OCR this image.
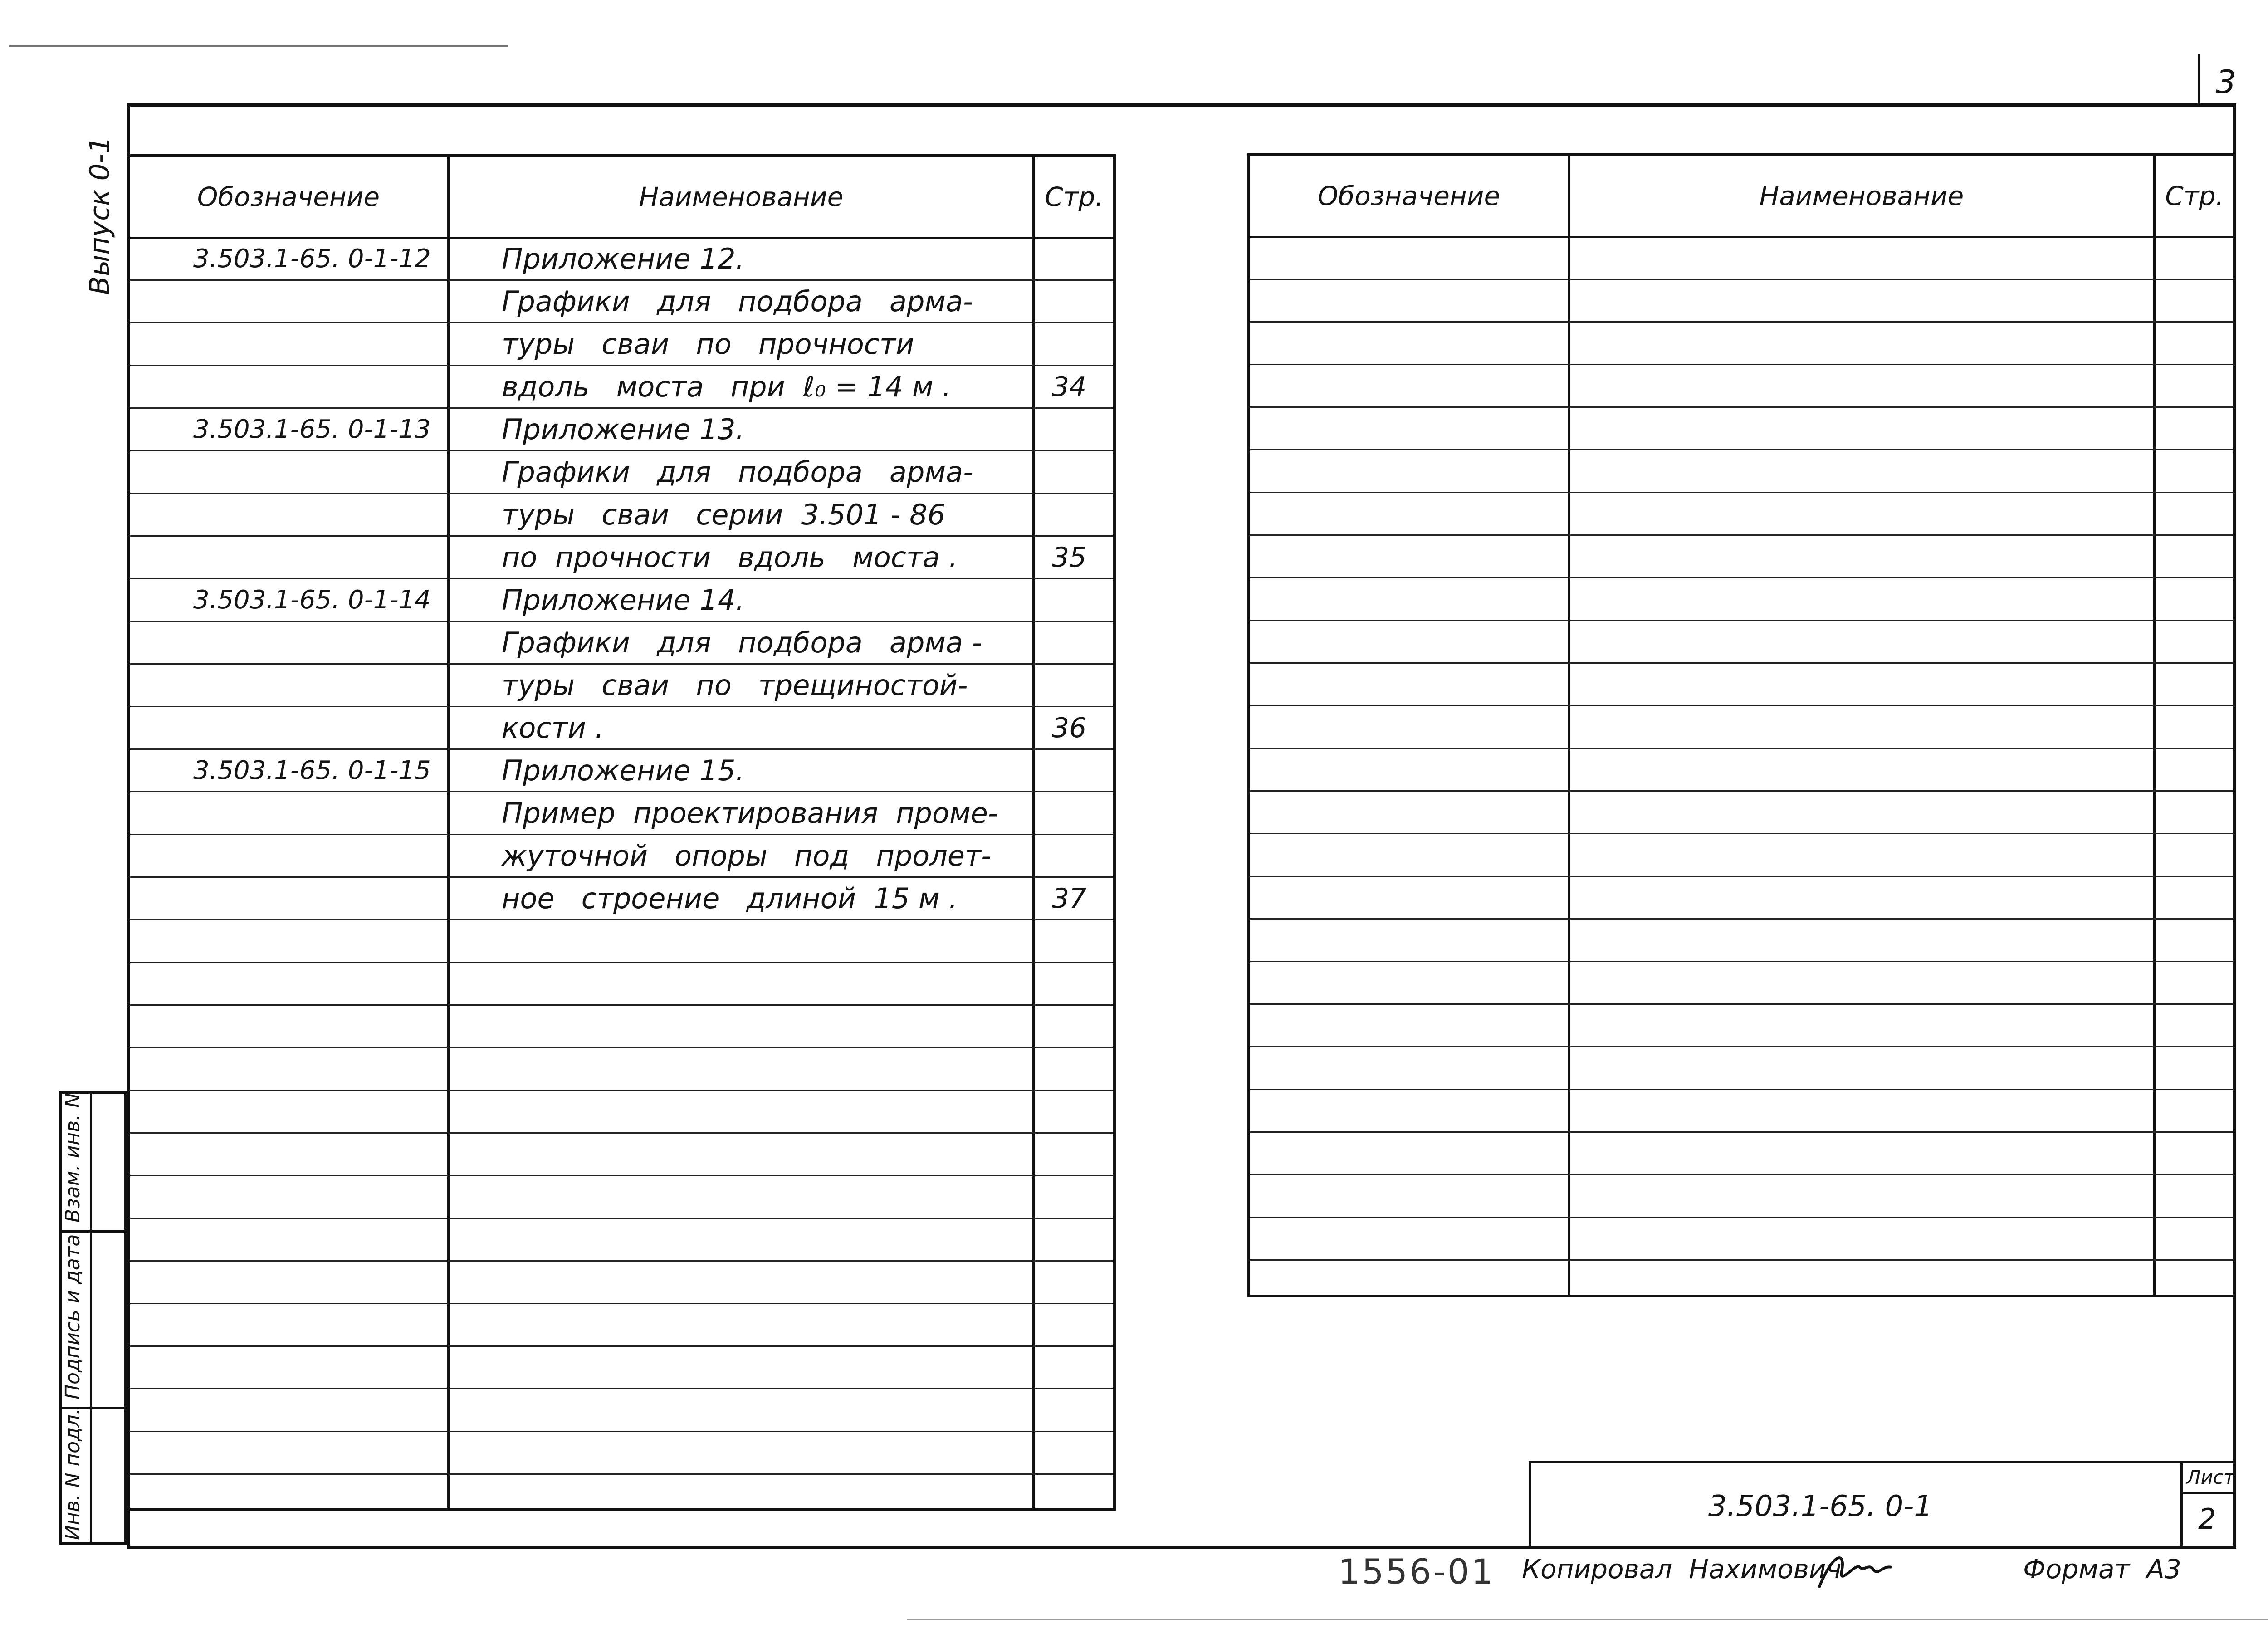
3
Выпуск 0-1
Инв. N подл.
Подпись и дата
Взам. инв. N
Обозначение	Наименование	Стр.
3.503.1-65. 0-1-12	Приложение 12.
Графики   для   подбора   арма-
туры   сваи   по   прочности
вдоль   моста   при  ℓ₀ = 14 м .	34
3.503.1-65. 0-1-13	Приложение 13.
Графики   для   подбора   арма-
туры   сваи   серии  3.501 - 86
по  прочности   вдоль   моста .	35
3.503.1-65. 0-1-14	Приложение 14.
Графики   для   подбора   арма -
туры   сваи   по   трещиностой-
кости .	36
3.503.1-65. 0-1-15	Приложение 15.
Пример  проектирования  проме-
жуточной   опоры   под   пролет-
ное   строение   длиной  15 м .	37
Обозначение	Наименование	Стр.
3.503.1-65. 0-1
Лист
2
1556-01 Копировал  Нахимович	Формат  А3
